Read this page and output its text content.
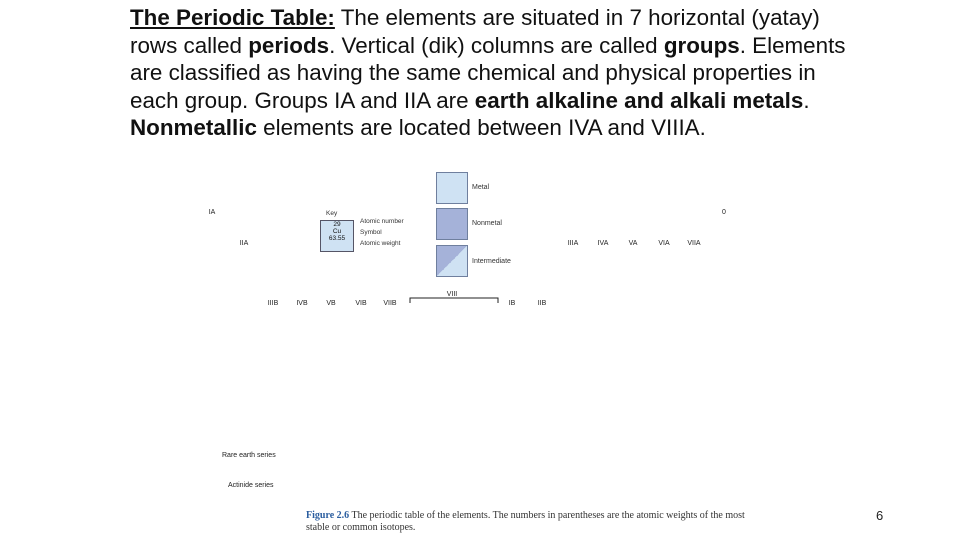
The Periodic Table: The elements are situated in 7 horizontal (yatay) rows called periods. Vertical (dik) columns are called groups. Elements are classified as having the same chemical and physical properties in each group. Groups IA and IIA are earth alkaline and alkali metals. Nonmetallic elements are located between IVA and VIIIA.
Metal
Nonmetal
Intermediate
Key
29
Cu
63.55
Atomic number
Symbol
Atomic weight
IA
IIA
IIIB	IVB	VB	VIB	VIIB
VIII
IB	IIB
IIIA	IVA	VA	VIA	VIIA
0
Rare earth series
Actinide series
Figure 2.6 The periodic table of the elements. The numbers in parentheses are the atomic weights of the most stable or common isotopes.
6
